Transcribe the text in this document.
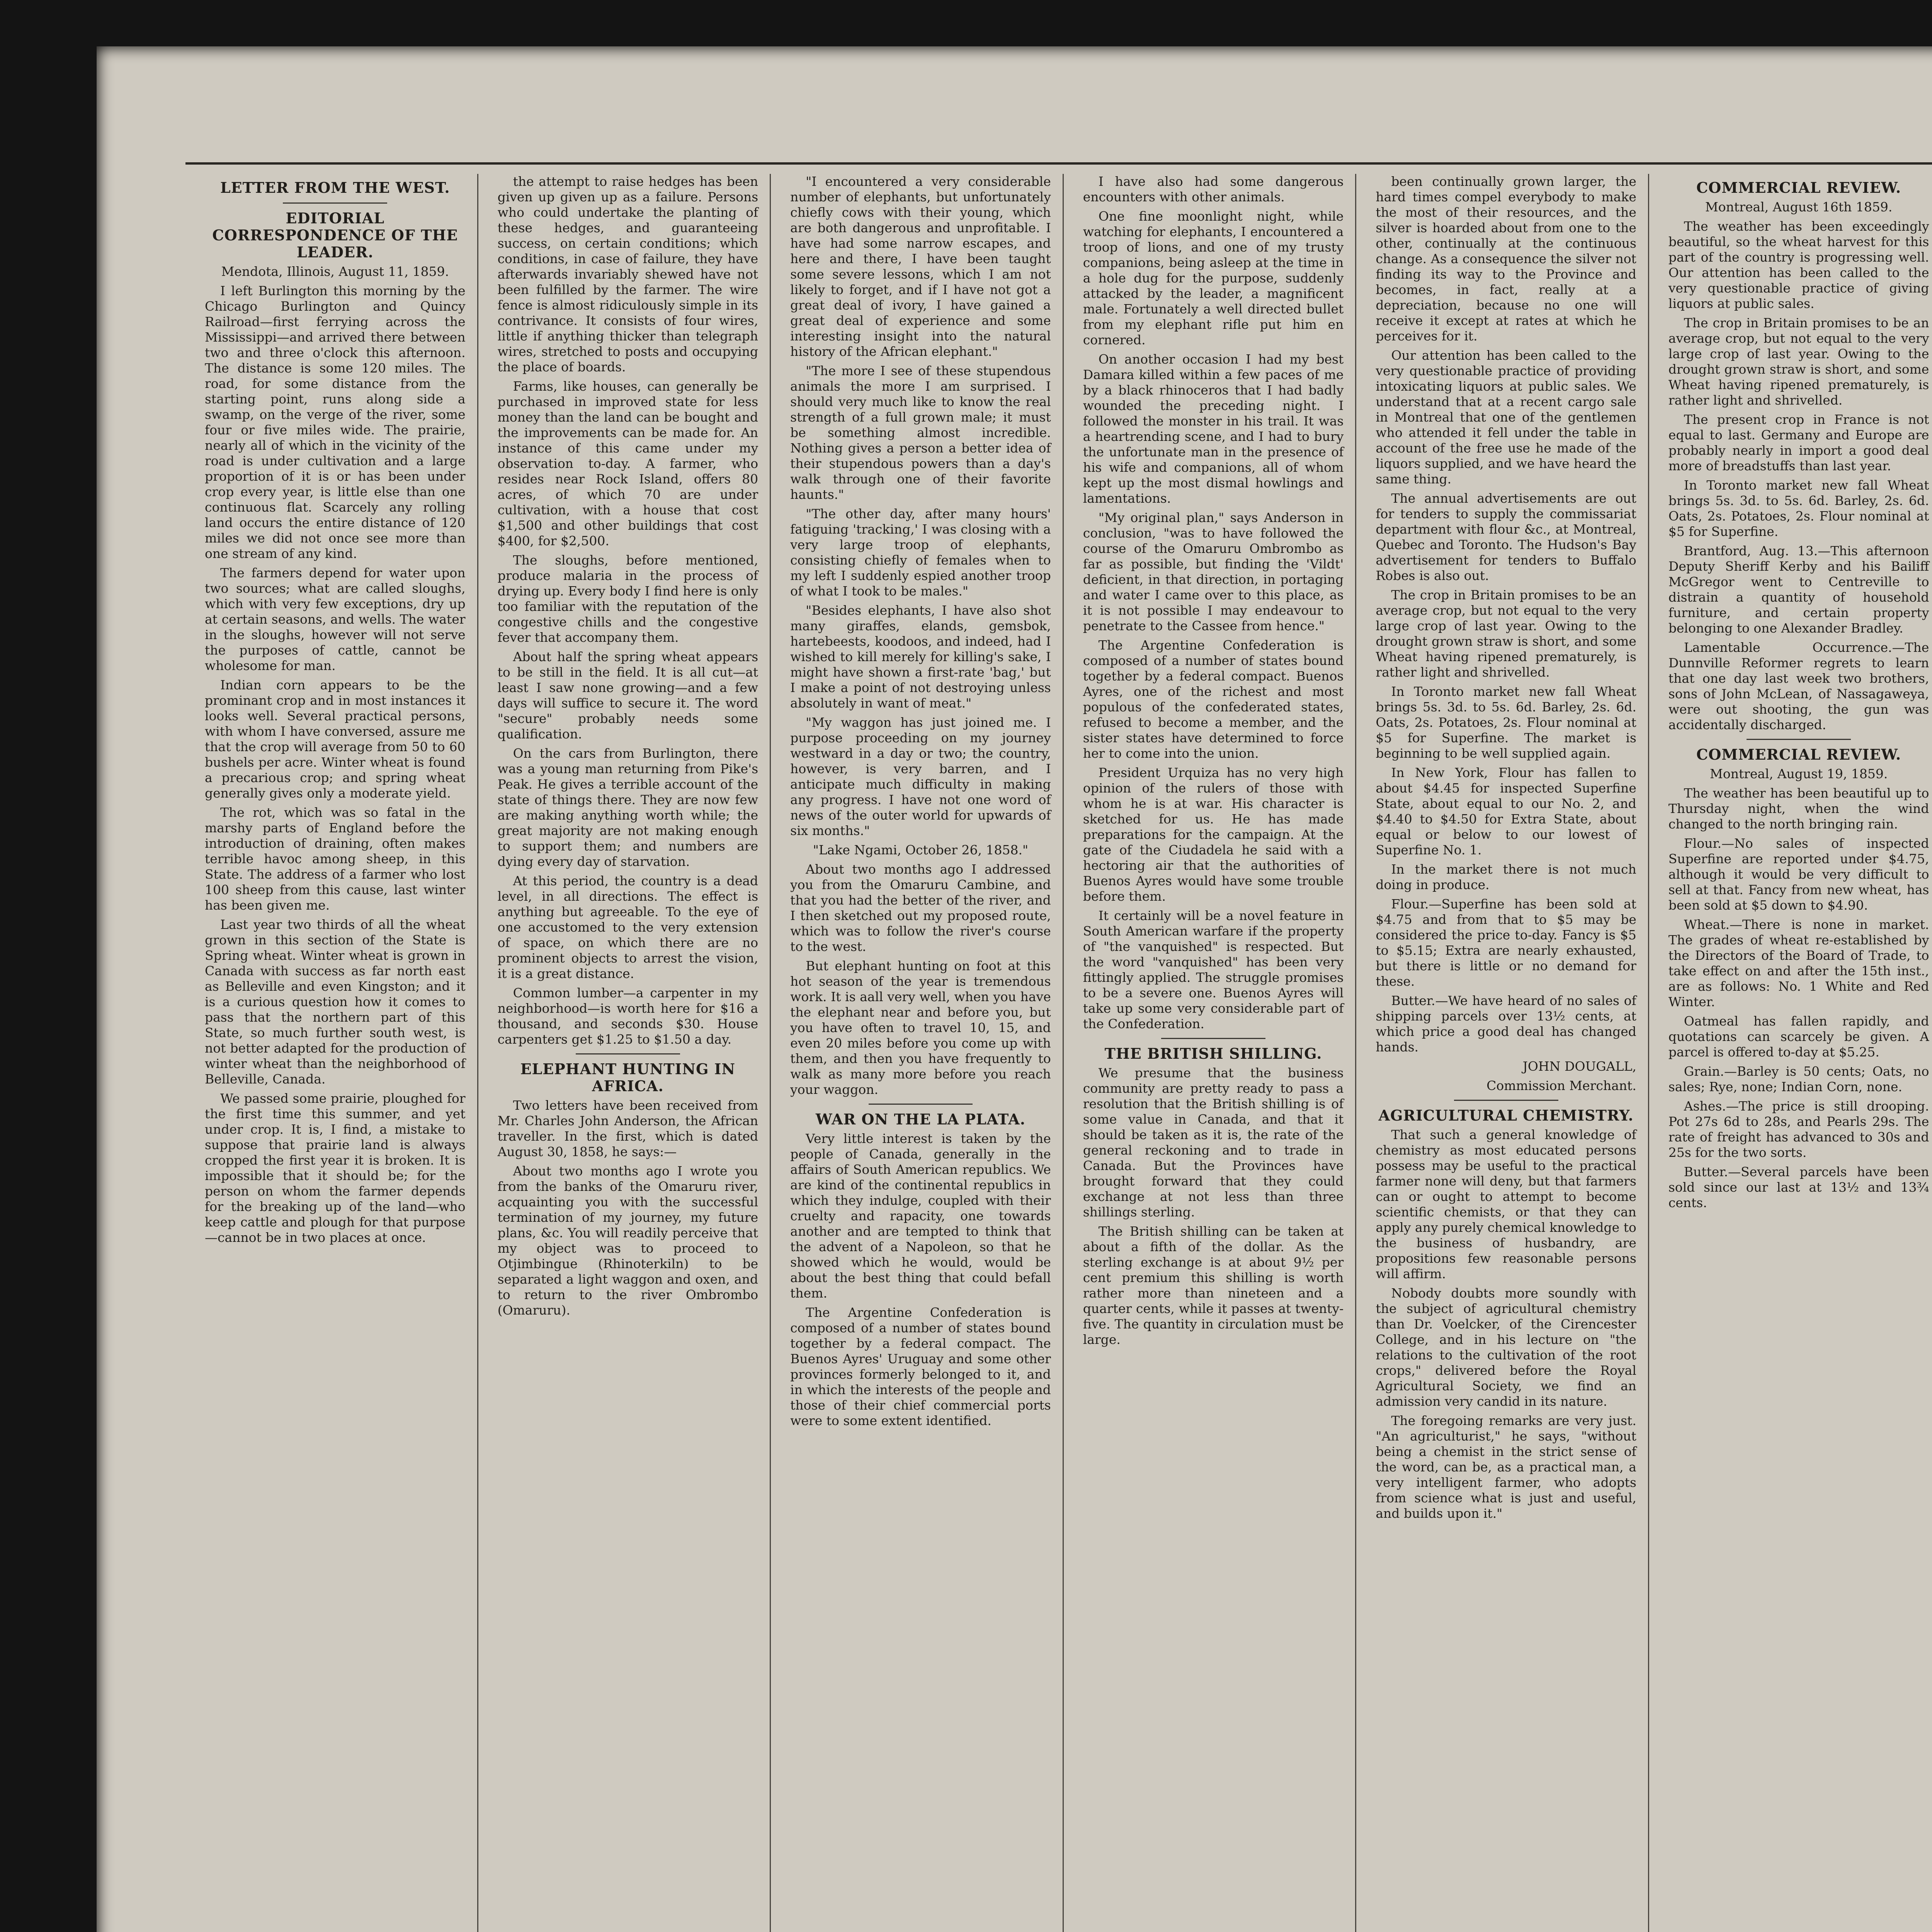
LETTER FROM THE WEST.
EDITORIAL CORRESPONDENCE OF THE LEADER.

Mendota, Illinois, August 11, 1859.

I left Burlington this morning by the Chicago Burlington and Quincy Railroad—first ferrying across the Mississippi—and arrived there between two and three o'clock this afternoon. The distance is some 120 miles. The road, for some distance from the starting point, runs along side a swamp, on the verge of the river, some four or five miles wide. The prairie, nearly all of which in the vicinity of the road is under cultivation and a large proportion of it is or has been under crop every year, is little else than one continuous flat. Scarcely any rolling land occurs the entire distance of 120 miles we did not once see more than one stream of any kind.

The farmers depend for water upon two sources; what are called sloughs, which with very few exceptions, dry up at certain seasons, and wells. The water in the sloughs, however will not serve the purposes of cattle, cannot be wholesome for man.

Indian corn appears to be the prominant crop and in most instances it looks well. Several practical persons, with whom I have conversed, assure me that the crop will average from 50 to 60 bushels per acre. Winter wheat is found a precarious crop; and spring wheat generally gives only a moderate yield.

The rot, which was so fatal in the marshy parts of England before the introduction of draining, often makes terrible havoc among sheep, in this State. The address of a farmer who lost 100 sheep from this cause, last winter has been given me.

Last year two thirds of all the wheat grown in this section of the State is Spring wheat. Winter wheat is grown in Canada with success as far north east as Belleville and even Kingston; and it is a curious question how it comes to pass that the northern part of this State, so much further south west, is not better adapted for the production of winter wheat than the neighborhood of Belleville, Canada.

We passed some prairie, ploughed for the first time this summer, and yet under crop. It is, I find, a mistake to suppose that prairie land is always cropped the first year it is broken. It is impossible that it should be; for the person on whom the farmer depends for the breaking up of the land—who keep cattle and plough for that purpose—cannot be in two places at once.

the attempt to raise hedges has been given up given up as a failure. Persons who could undertake the planting of these hedges, and guaranteeing success, on certain conditions; which conditions, in case of failure, they have afterwards invariably shewed have not been fulfilled by the farmer. The wire fence is almost ridiculously simple in its contrivance. It consists of four wires, little if anything thicker than telegraph wires, stretched to posts and occupying the place of boards.

Farms, like houses, can generally be purchased in improved state for less money than the land can be bought and the improvements can be made for. An instance of this came under my observation to-day. A farmer, who resides near Rock Island, offers 80 acres, of which 70 are under cultivation, with a house that cost $1,500 and other buildings that cost $400, for $2,500.

The sloughs, before mentioned, produce malaria in the process of drying up. Every body I find here is only too familiar with the reputation of the congestive chills and the congestive fever that accompany them.

About half the spring wheat appears to be still in the field. It is all cut—at least I saw none growing—and a few days will suffice to secure it. The word "secure" probably needs some qualification.

On the cars from Burlington, there was a young man returning from Pike's Peak. He gives a terrible account of the state of things there. They are now few are making anything worth while; the great majority are not making enough to support them; and numbers are dying every day of starvation.

At this period, the country is a dead level, in all directions. The effect is anything but agreeable. To the eye of one accustomed to the very extension of space, on which there are no prominent objects to arrest the vision, it is a great distance.

Common lumber—a carpenter in my neighborhood—is worth here for $16 a thousand, and seconds $30. House carpenters get $1.25 to $1.50 a day.

ELEPHANT HUNTING IN AFRICA.

Two letters have been received from Mr. Charles John Anderson, the African traveller. In the first, which is dated August 30, 1858, he says:—

About two months ago I wrote you from the banks of the Omaruru river, acquainting you with the successful termination of my journey, my future plans, &c. You will readily perceive that my object was to proceed to Otjimbingue (Rhinoterkiln) to be separated a light waggon and oxen, and to return to the river Ombrombo (Omaruru).

"I encountered a very considerable number of elephants, but unfortunately chiefly cows with their young, which are both dangerous and unprofitable. I have had some narrow escapes, and here and there, I have been taught some severe lessons, which I am not likely to forget, and if I have not got a great deal of ivory, I have gained a great deal of experience and some interesting insight into the natural history of the African elephant."

"The more I see of these stupendous animals the more I am surprised. I should very much like to know the real strength of a full grown male; it must be something almost incredible. Nothing gives a person a better idea of their stupendous powers than a day's walk through one of their favorite haunts."

"The other day, after many hours' fatiguing 'tracking,' I was closing with a very large troop of elephants, consisting chiefly of females when to my left I suddenly espied another troop of what I took to be males."

"Besides elephants, I have also shot many giraffes, elands, gemsbok, hartebeests, koodoos, and indeed, had I wished to kill merely for killing's sake, I might have shown a first-rate 'bag,' but I make a point of not destroying unless absolutely in want of meat."

"My waggon has just joined me. I purpose proceeding on my journey westward in a day or two; the country, however, is very barren, and I anticipate much difficulty in making any progress. I have not one word of news of the outer world for upwards of six months."

"Lake Ngami, October 26, 1858."

About two months ago I addressed you from the Omaruru Cambine, and that you had the better of the river, and I then sketched out my proposed route, which was to follow the river's course to the west.

But elephant hunting on foot at this hot season of the year is tremendous work. It is aall very well, when you have the elephant near and before you, but you have often to travel 10, 15, and even 20 miles before you come up with them, and then you have frequently to walk as many more before you reach your waggon.

WAR ON THE LA PLATA.

Very little interest is taken by the people of Canada, generally in the affairs of South American republics. We are kind of the continental republics in which they indulge, coupled with their cruelty and rapacity, one towards another and are tempted to think that the advent of a Napoleon, so that he showed which he would, would be about the best thing that could befall them.

The Argentine Confederation is composed of a number of states bound together by a federal compact. The Buenos Ayres' Uruguay and some other provinces formerly belonged to it, and in which the interests of the people and those of their chief commercial ports were to some extent identified.

I have also had some dangerous encounters with other animals.

One fine moonlight night, while watching for elephants, I encountered a troop of lions, and one of my trusty companions, being asleep at the time in a hole dug for the purpose, suddenly attacked by the leader, a magnificent male. Fortunately a well directed bullet from my elephant rifle put him en cornered.

On another occasion I had my best Damara killed within a few paces of me by a black rhinoceros that I had badly wounded the preceding night. I followed the monster in his trail. It was a heartrending scene, and I had to bury the unfortunate man in the presence of his wife and companions, all of whom kept up the most dismal howlings and lamentations.

"My original plan," says Anderson in conclusion, "was to have followed the course of the Omaruru Ombrombo as far as possible, but finding the 'Vildt' deficient, in that direction, in portaging and water I came over to this place, as it is not possible I may endeavour to penetrate to the Cassee from hence."

The Argentine Confederation is composed of a number of states bound together by a federal compact. Buenos Ayres, one of the richest and most populous of the confederated states, refused to become a member, and the sister states have determined to force her to come into the union.

President Urquiza has no very high opinion of the rulers of those with whom he is at war. His character is sketched for us. He has made preparations for the campaign. At the gate of the Ciudadela he said with a hectoring air that the authorities of Buenos Ayres would have some trouble before them.

It certainly will be a novel feature in South American warfare if the property of "the vanquished" is respected. But the word "vanquished" has been very fittingly applied. The struggle promises to be a severe one. Buenos Ayres will take up some very considerable part of the Confederation.

THE BRITISH SHILLING.

We presume that the business community are pretty ready to pass a resolution that the British shilling is of some value in Canada, and that it should be taken as it is, the rate of the general reckoning and to trade in Canada. But the Provinces have brought forward that they could exchange at not less than three shillings sterling.

The British shilling can be taken at about a fifth of the dollar. As the sterling exchange is at about 9½ per cent premium this shilling is worth rather more than nineteen and a quarter cents, while it passes at twenty-five. The quantity in circulation must be large.

been continually grown larger, the hard times compel everybody to make the most of their resources, and the silver is hoarded about from one to the other, continually at the continuous change. As a consequence the silver not finding its way to the Province and becomes, in fact, really at a depreciation, because no one will receive it except at rates at which he perceives for it.

Our attention has been called to the very questionable practice of providing intoxicating liquors at public sales. We understand that at a recent cargo sale in Montreal that one of the gentlemen who attended it fell under the table in account of the free use he made of the liquors supplied, and we have heard the same thing.

The annual advertisements are out for tenders to supply the commissariat department with flour &c., at Montreal, Quebec and Toronto. The Hudson's Bay advertisement for tenders to Buffalo Robes is also out.

The crop in Britain promises to be an average crop, but not equal to the very large crop of last year. Owing to the drought grown straw is short, and some Wheat having ripened prematurely, is rather light and shrivelled.

In Toronto market new fall Wheat brings 5s. 3d. to 5s. 6d. Barley, 2s. 6d. Oats, 2s. Potatoes, 2s. Flour nominal at $5 for Superfine. The market is beginning to be well supplied again.

In New York, Flour has fallen to about $4.45 for inspected Superfine State, about equal to our No. 2, and $4.40 to $4.50 for Extra State, about equal or below to our lowest of Superfine No. 1.

In the market there is not much doing in produce.

Flour.—Superfine has been sold at $4.75 and from that to $5 may be considered the price to-day. Fancy is $5 to $5.15; Extra are nearly exhausted, but there is little or no demand for these.

Butter.—We have heard of no sales of shipping parcels over 13½ cents, at which price a good deal has changed hands.

JOHN DOUGALL,

Commission Merchant.

AGRICULTURAL CHEMISTRY.

That such a general knowledge of chemistry as most educated persons possess may be useful to the practical farmer none will deny, but that farmers can or ought to attempt to become scientific chemists, or that they can apply any purely chemical knowledge to the business of husbandry, are propositions few reasonable persons will affirm.

Nobody doubts more soundly with the subject of agricultural chemistry than Dr. Voelcker, of the Cirencester College, and in his lecture on "the relations to the cultivation of the root crops," delivered before the Royal Agricultural Society, we find an admission very candid in its nature.

The foregoing remarks are very just. "An agriculturist," he says, "without being a chemist in the strict sense of the word, can be, as a practical man, a very intelligent farmer, who adopts from science what is just and useful, and builds upon it."

COMMERCIAL REVIEW.

Montreal, August 16th 1859.

The weather has been exceedingly beautiful, so the wheat harvest for this part of the country is progressing well. Our attention has been called to the very questionable practice of giving liquors at public sales.

The crop in Britain promises to be an average crop, but not equal to the very large crop of last year. Owing to the drought grown straw is short, and some Wheat having ripened prematurely, is rather light and shrivelled.

The present crop in France is not equal to last. Germany and Europe are probably nearly in import a good deal more of breadstuffs than last year.

In Toronto market new fall Wheat brings 5s. 3d. to 5s. 6d. Barley, 2s. 6d. Oats, 2s. Potatoes, 2s. Flour nominal at $5 for Superfine.

Brantford, Aug. 13.—This afternoon Deputy Sheriff Kerby and his Bailiff McGregor went to Centreville to distrain a quantity of household furniture, and certain property belonging to one Alexander Bradley.

Lamentable Occurrence.—The Dunnville Reformer regrets to learn that one day last week two brothers, sons of John McLean, of Nassagaweya, were out shooting, the gun was accidentally discharged.

COMMERCIAL REVIEW.

Montreal, August 19, 1859.

The weather has been beautiful up to Thursday night, when the wind changed to the north bringing rain.

Flour.—No sales of inspected Superfine are reported under $4.75, although it would be very difficult to sell at that. Fancy from new wheat, has been sold at $5 down to $4.90.

Wheat.—There is none in market. The grades of wheat re-established by the Directors of the Board of Trade, to take effect on and after the 15th inst., are as follows: No. 1 White and Red Winter.

Oatmeal has fallen rapidly, and quotations can scarcely be given. A parcel is offered to-day at $5.25.

Grain.—Barley is 50 cents; Oats, no sales; Rye, none; Indian Corn, none.

Ashes.—The price is still drooping. Pot 27s 6d to 28s, and Pearls 29s. The rate of freight has advanced to 30s and 25s for the two sorts.

Butter.—Several parcels have been sold since our last at 13½ and 13¾ cents.
